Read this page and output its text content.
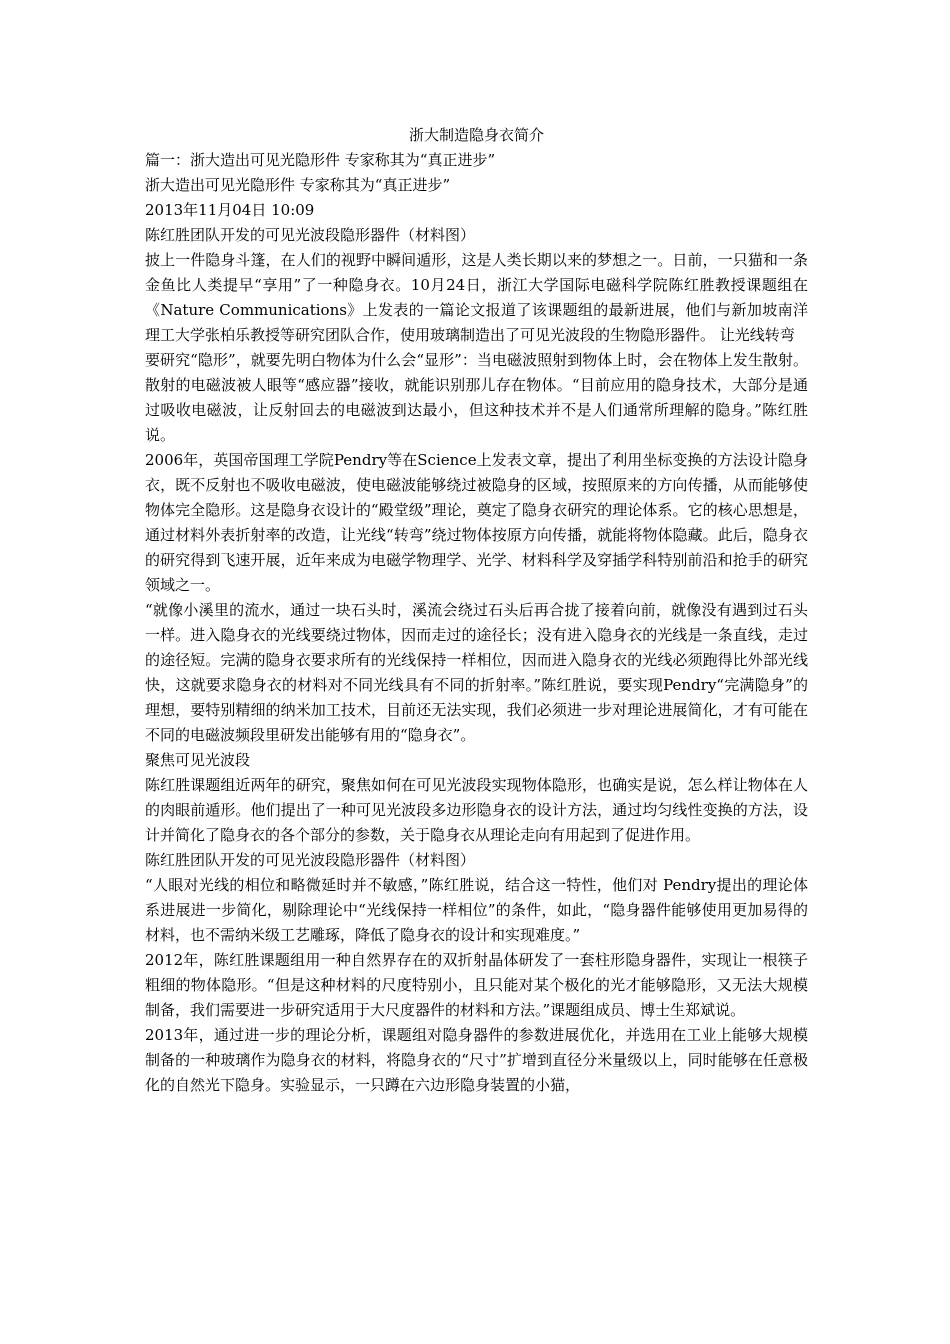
浙大制造隐身衣简介

篇一：浙大造出可见光隐形件 专家称其为“真正进步”

浙大造出可见光隐形件 专家称其为“真正进步”

2013年11月04日 10:09

陈红胜团队开发的可见光波段隐形器件（材料图）

披上一件隐身斗篷，在人们的视野中瞬间遁形，这是人类长期以来的梦想之一。日前，一只猫和一条金鱼比人类提早“享用”了一种隐身衣。10月24日，浙江大学国际电磁科学院陈红胜教授课题组在《Nature Communications》上发表的一篇论文报道了该课题组的最新进展，他们与新加坡南洋理工大学张柏乐教授等研究团队合作，使用玻璃制造出了可见光波段的生物隐形器件。 让光线转弯

要研究“隐形”，就要先明白物体为什么会“显形”：当电磁波照射到物体上时，会在物体上发生散射。散射的电磁波被人眼等“感应器”接收，就能识别那儿存在物体。“目前应用的隐身技术，大部分是通过吸收电磁波，让反射回去的电磁波到达最小，但这种技术并不是人们通常所理解的隐身。”陈红胜说。

2006年，英国帝国理工学院Pendry等在Science上发表文章，提出了利用坐标变换的方法设计隐身衣，既不反射也不吸收电磁波，使电磁波能够绕过被隐身的区域，按照原来的方向传播，从而能够使物体完全隐形。这是隐身衣设计的“殿堂级”理论，奠定了隐身衣研究的理论体系。它的核心思想是，通过材料外表折射率的改造，让光线“转弯”绕过物体按原方向传播，就能将物体隐藏。此后，隐身衣的研究得到飞速开展，近年来成为电磁学物理学、光学、材料科学及穿插学科特别前沿和抢手的研究领域之一。

“就像小溪里的流水，通过一块石头时，溪流会绕过石头后再合拢了接着向前，就像没有遇到过石头一样。进入隐身衣的光线要绕过物体，因而走过的途径长；没有进入隐身衣的光线是一条直线，走过的途径短。完满的隐身衣要求所有的光线保持一样相位，因而进入隐身衣的光线必须跑得比外部光线快，这就要求隐身衣的材料对不同光线具有不同的折射率。”陈红胜说，要实现Pendry“完满隐身”的理想，要特别精细的纳米加工技术，目前还无法实现，我们必须进一步对理论进展简化，才有可能在不同的电磁波频段里研发出能够有用的“隐身衣”。

聚焦可见光波段

陈红胜课题组近两年的研究，聚焦如何在可见光波段实现物体隐形，也确实是说，怎么样让物体在人的肉眼前遁形。他们提出了一种可见光波段多边形隐身衣的设计方法，通过均匀线性变换的方法，设计并简化了隐身衣的各个部分的参数，关于隐身衣从理论走向有用起到了促进作用。

陈红胜团队开发的可见光波段隐形器件（材料图）

“人眼对光线的相位和略微延时并不敏感，”陈红胜说，结合这一特性，他们对 Pendry提出的理论体系进展进一步简化，剔除理论中“光线保持一样相位”的条件，如此，“隐身器件能够使用更加易得的材料，也不需纳米级工艺雕琢，降低了隐身衣的设计和实现难度。”

2012年，陈红胜课题组用一种自然界存在的双折射晶体研发了一套柱形隐身器件，实现让一根筷子粗细的物体隐形。“但是这种材料的尺度特别小，且只能对某个极化的光才能够隐形，又无法大规模制备，我们需要进一步研究适用于大尺度器件的材料和方法。”课题组成员、博士生郑斌说。

2013年，通过进一步的理论分析，课题组对隐身器件的参数进展优化，并选用在工业上能够大规模制备的一种玻璃作为隐身衣的材料，将隐身衣的“尺寸”扩增到直径分米量级以上，同时能够在任意极化的自然光下隐身。实验显示，一只蹲在六边形隐身装置的小猫，
